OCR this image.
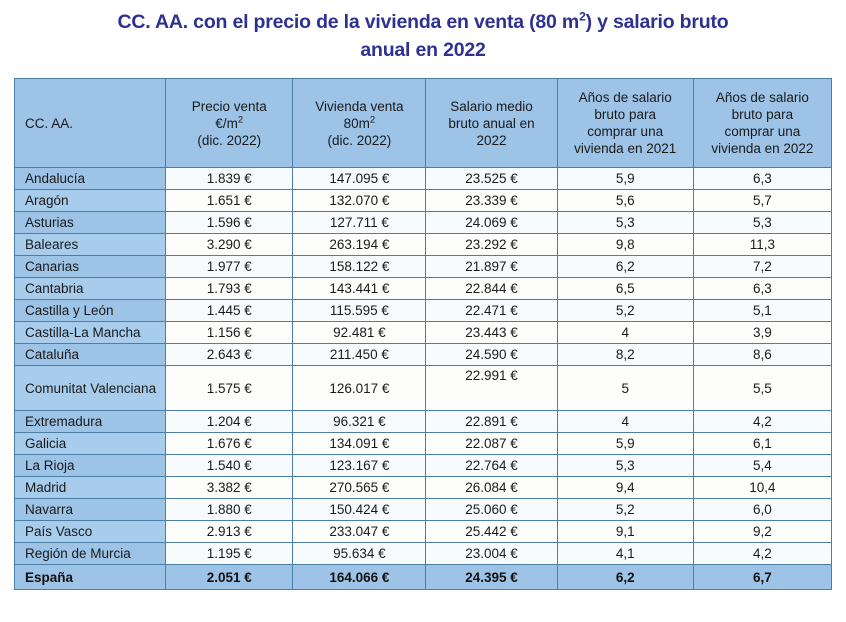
CC. AA. con el precio de la vivienda en venta (80 $m^2$) y salario bruto
anual en 2022
CC. AA.	Precio venta
$€/m^2$
(dic. 2022)	Vivienda venta
$80m^2$
(dic. 2022)	Salario medio
bruto anual en
2022	Años de salario
bruto para
comprar una
vivienda en 2021	Años de salario
bruto para
comprar una
vivienda en 2022
Andalucía	1.839 €	147.095 €	23.525 €	5,9	6,3
Aragón	1.651 €	132.070 €	23.339 €	5,6	5,7
Asturias	1.596 €	127.711 €	24.069 €	5,3	5,3
Baleares	3.290 €	263.194 €	23.292 €	9,8	11,3
Canarias	1.977 €	158.122 €	21.897 €	6,2	7,2
Cantabria	1.793 €	143.441 €	22.844 €	6,5	6,3
Castilla y León	1.445 €	115.595 €	22.471 €	5,2	5,1
Castilla-La Mancha	1.156 €	92.481 €	23.443 €	4	3,9
Cataluña	2.643 €	211.450 €	24.590 €	8,2	8,6
Comunitat Valenciana	1.575 €	126.017 €	22.991 €	5	5,5
Extremadura	1.204 €	96.321 €	22.891 €	4	4,2
Galicia	1.676 €	134.091 €	22.087 €	5,9	6,1
La Rioja	1.540 €	123.167 €	22.764 €	5,3	5,4
Madrid	3.382 €	270.565 €	26.084 €	9,4	10,4
Navarra	1.880 €	150.424 €	25.060 €	5,2	6,0
País Vasco	2.913 €	233.047 €	25.442 €	9,1	9,2
Región de Murcia	1.195 €	95.634 €	23.004 €	4,1	4,2
España	2.051 €	164.066 €	24.395 €	6,2	6,7
